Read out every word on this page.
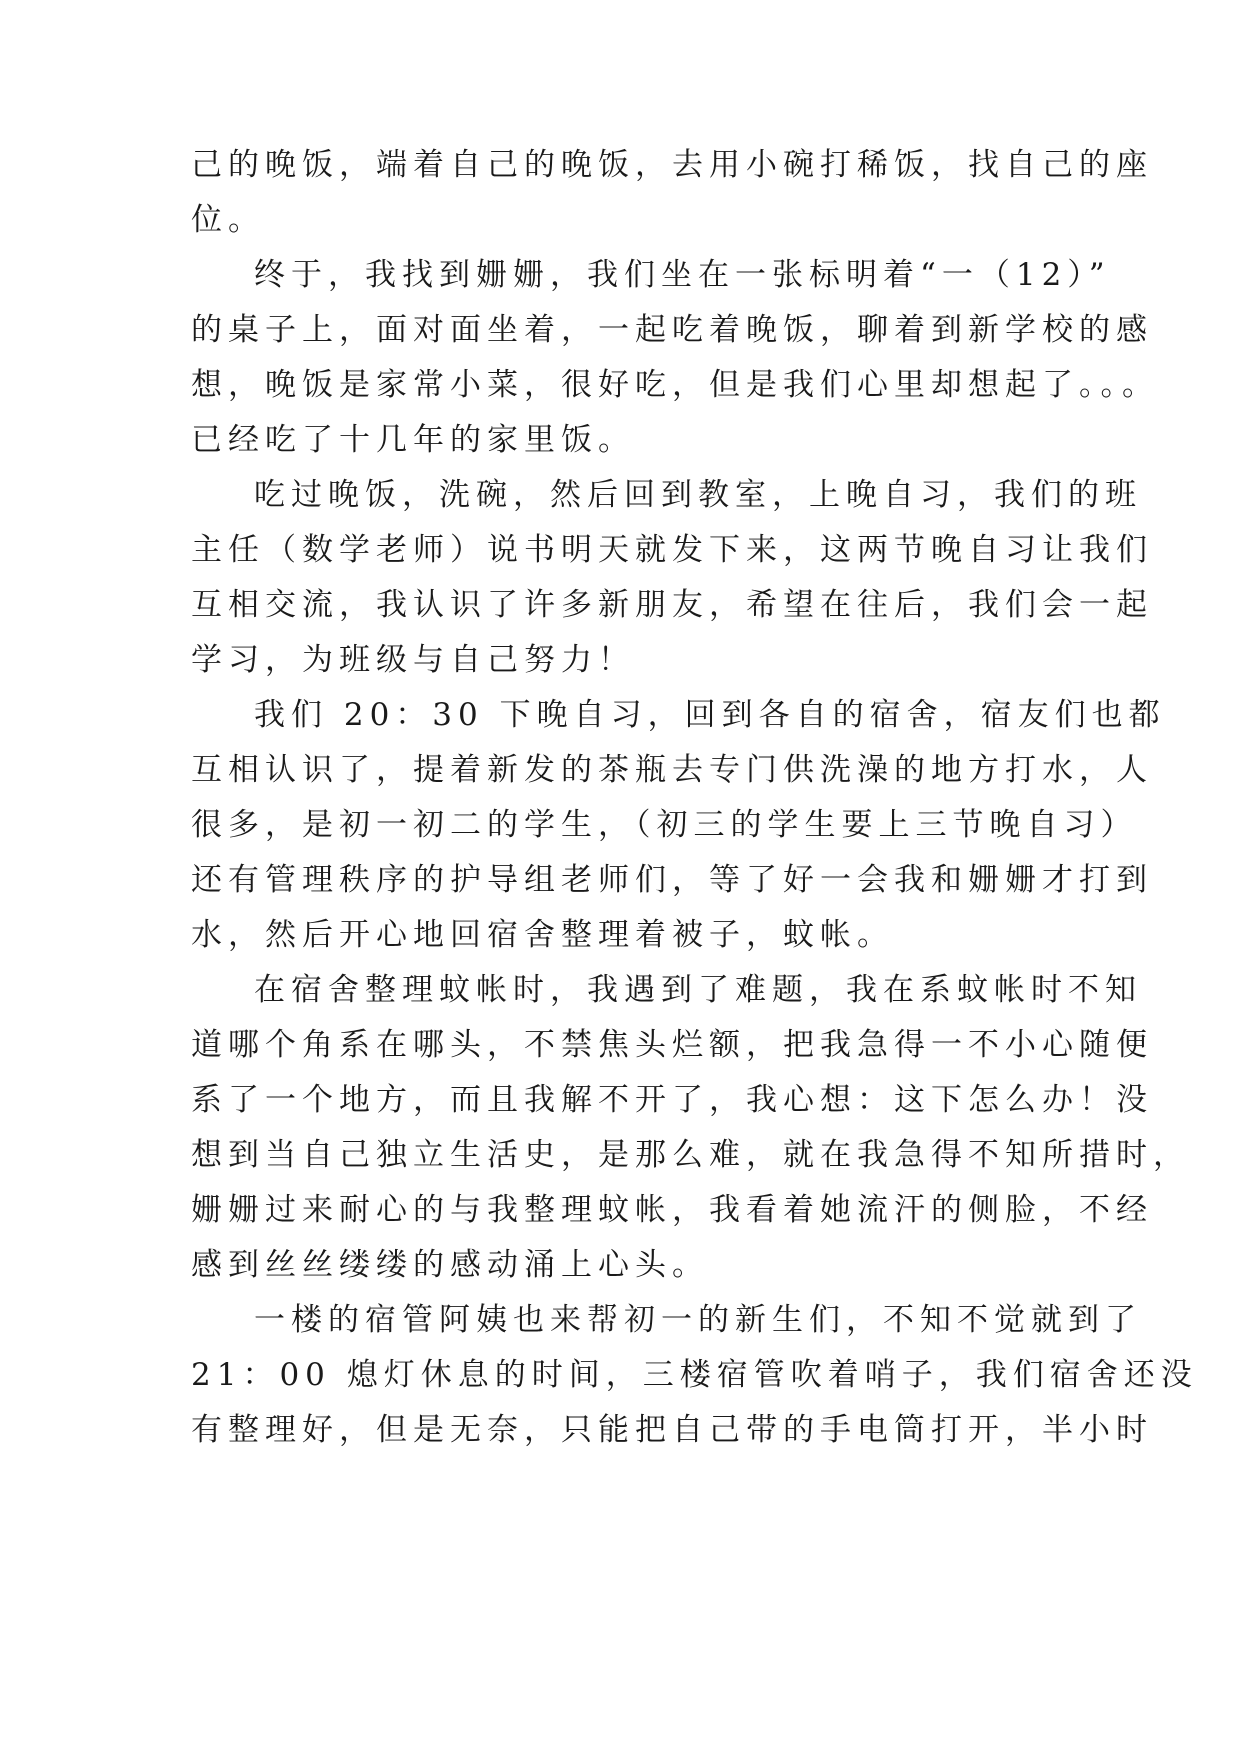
己的晚饭，端着自己的晚饭，去用小碗打稀饭，找自己的座
位。
终于，我找到姗姗，我们坐在一张标明着“一（12）”
的桌子上，面对面坐着，一起吃着晚饭，聊着到新学校的感
想，晚饭是家常小菜，很好吃，但是我们心里却想起了。。。
已经吃了十几年的家里饭。
吃过晚饭，洗碗，然后回到教室，上晚自习，我们的班
主任（数学老师）说书明天就发下来，这两节晚自习让我们
互相交流，我认识了许多新朋友，希望在往后，我们会一起
学习，为班级与自己努力！
我们 20：30 下晚自习，回到各自的宿舍，宿友们也都
互相认识了，提着新发的茶瓶去专门供洗澡的地方打水，人
很多，是初一初二的学生，（初三的学生要上三节晚自习）
还有管理秩序的护导组老师们，等了好一会我和姗姗才打到
水，然后开心地回宿舍整理着被子，蚊帐。
在宿舍整理蚊帐时，我遇到了难题，我在系蚊帐时不知
道哪个角系在哪头，不禁焦头烂额，把我急得一不小心随便
系了一个地方，而且我解不开了，我心想：这下怎么办！没
想到当自己独立生活史，是那么难，就在我急得不知所措时，
姗姗过来耐心的与我整理蚊帐，我看着她流汗的侧脸，不经
感到丝丝缕缕的感动涌上心头。
一楼的宿管阿姨也来帮初一的新生们，不知不觉就到了
21：00 熄灯休息的时间，三楼宿管吹着哨子，我们宿舍还没
有整理好，但是无奈，只能把自己带的手电筒打开，半小时
